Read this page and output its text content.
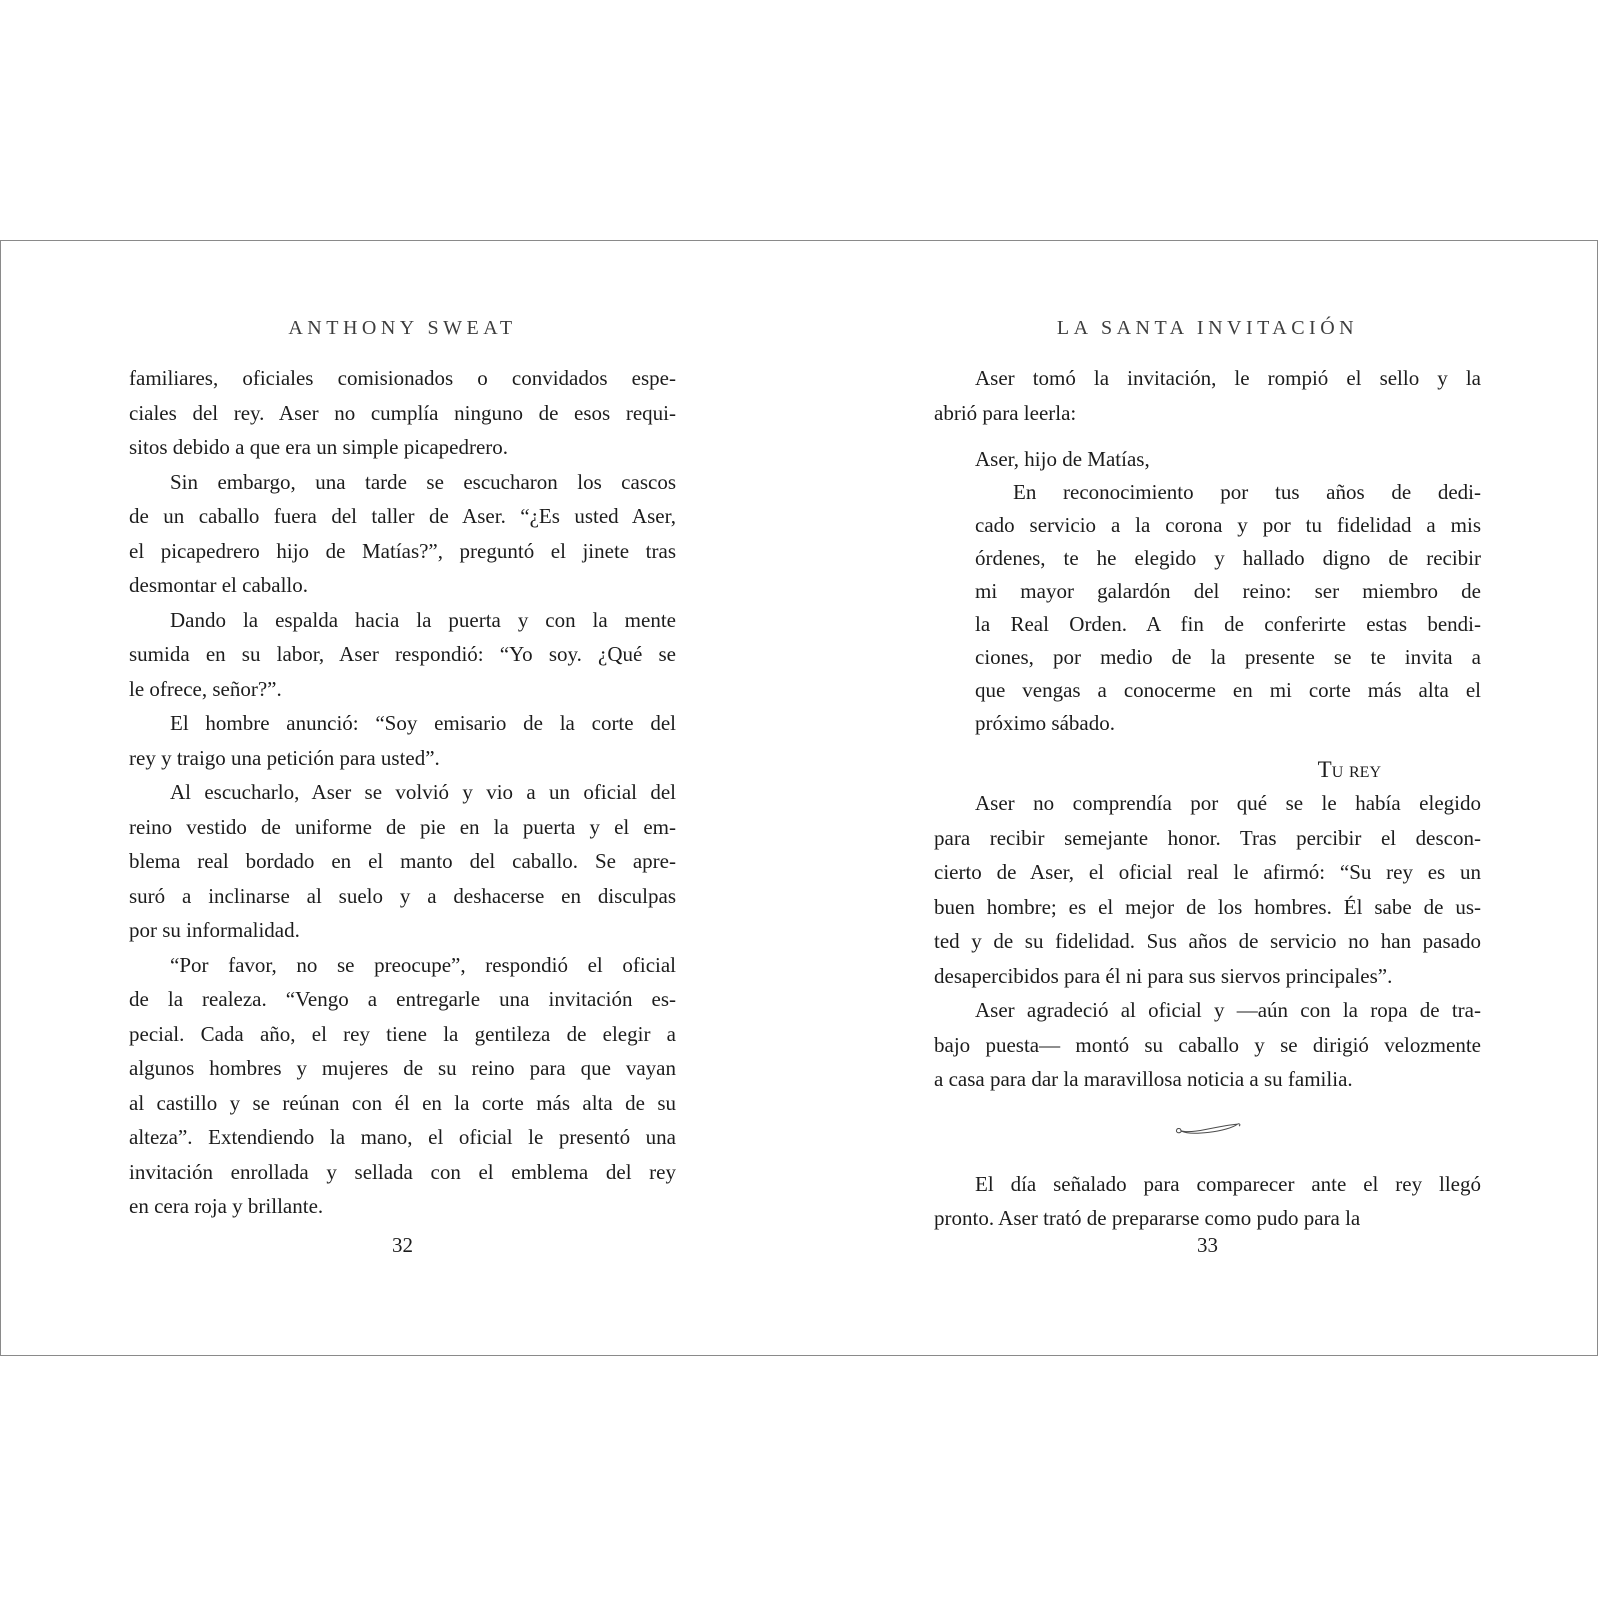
ANTHONY SWEAT
familiares, oficiales comisionados o convidados espe-
ciales del rey. Aser no cumplía ninguno de esos requi-
sitos debido a que era un simple picapedrero.
Sin embargo, una tarde se escucharon los cascos
de un caballo fuera del taller de Aser. “¿Es usted Aser,
el picapedrero hijo de Matías?”, preguntó el jinete tras
desmontar el caballo.
Dando la espalda hacia la puerta y con la mente
sumida en su labor, Aser respondió: “Yo soy. ¿Qué se
le ofrece, señor?”.
El hombre anunció: “Soy emisario de la corte del
rey y traigo una petición para usted”.
Al escucharlo, Aser se volvió y vio a un oficial del
reino vestido de uniforme de pie en la puerta y el em-
blema real bordado en el manto del caballo. Se apre-
suró a inclinarse al suelo y a deshacerse en disculpas
por su informalidad.
“Por favor, no se preocupe”, respondió el oficial
de la realeza. “Vengo a entregarle una invitación es-
pecial. Cada año, el rey tiene la gentileza de elegir a
algunos hombres y mujeres de su reino para que vayan
al castillo y se reúnan con él en la corte más alta de su
alteza”. Extendiendo la mano, el oficial le presentó una
invitación enrollada y sellada con el emblema del rey
en cera roja y brillante.
32
LA SANTA INVITACIÓN
Aser tomó la invitación, le rompió el sello y la
abrió para leerla:
Aser, hijo de Matías,
En reconocimiento por tus años de dedi-
cado servicio a la corona y por tu fidelidad a mis
órdenes, te he elegido y hallado digno de recibir
mi mayor galardón del reino: ser miembro de
la Real Orden. A fin de conferirte estas bendi-
ciones, por medio de la presente se te invita a
que vengas a conocerme en mi corte más alta el
próximo sábado.
Tu rey
Aser no comprendía por qué se le había elegido
para recibir semejante honor. Tras percibir el descon-
cierto de Aser, el oficial real le afirmó: “Su rey es un
buen hombre; es el mejor de los hombres. Él sabe de us-
ted y de su fidelidad. Sus años de servicio no han pasado
desapercibidos para él ni para sus siervos principales”.
Aser agradeció al oficial y —aún con la ropa de tra-
bajo puesta— montó su caballo y se dirigió velozmente
a casa para dar la maravillosa noticia a su familia.
El día señalado para comparecer ante el rey llegó
pronto. Aser trató de prepararse como pudo para la
33
